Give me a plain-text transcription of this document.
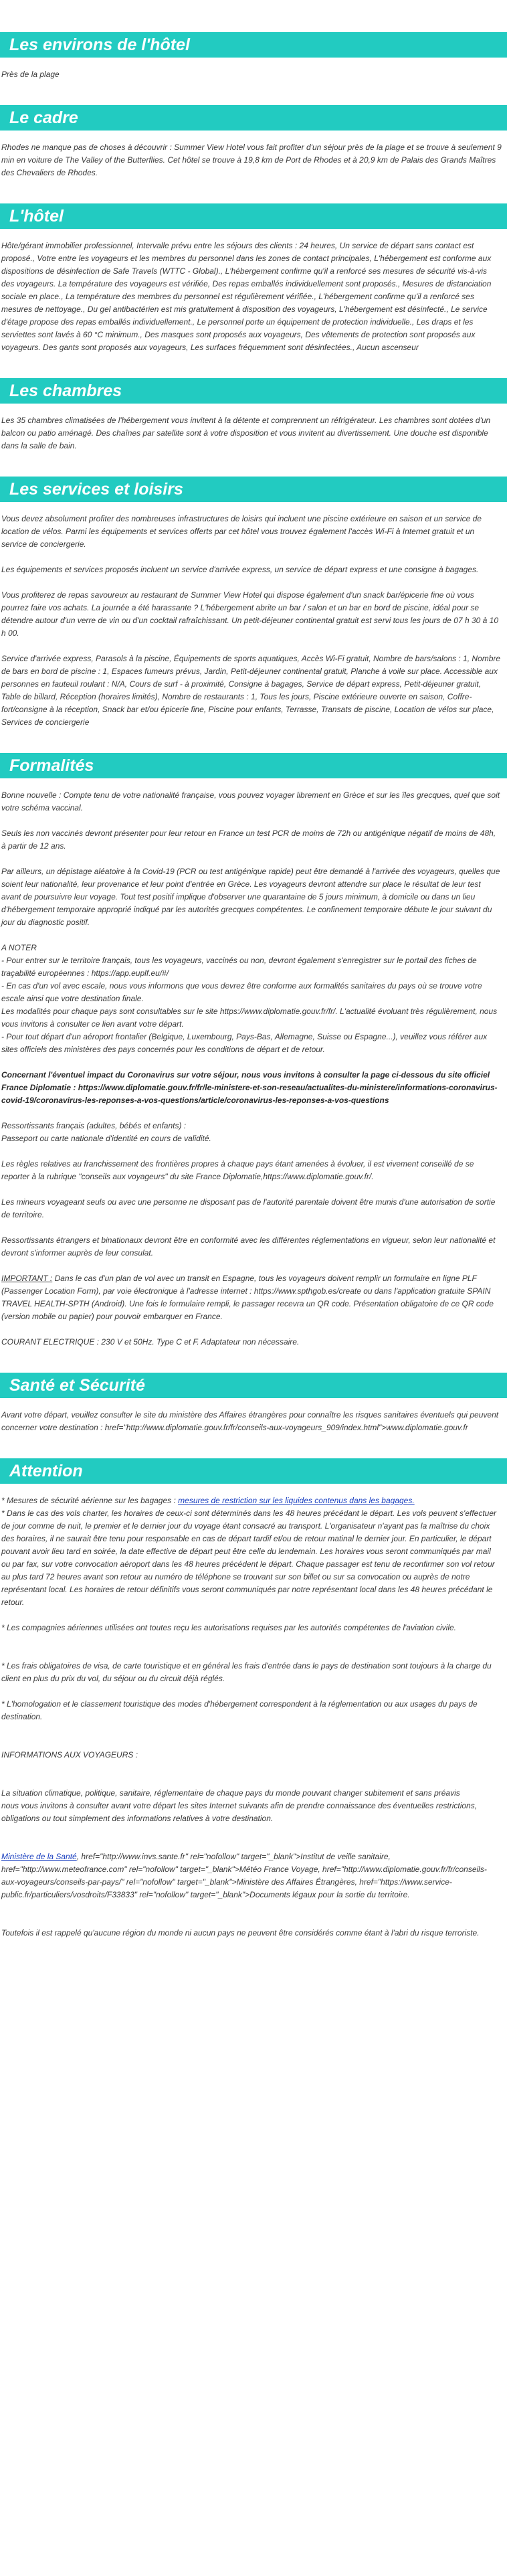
Les environs de l'hôtel

Près de la plage

Le cadre

Rhodes ne manque pas de choses à découvrir : Summer View Hotel vous fait profiter d'un séjour près de la plage et se trouve à seulement 9 min en voiture de The Valley of the Butterflies. Cet hôtel se trouve à 19,8 km de Port de Rhodes et à 20,9 km de Palais des Grands Maîtres des Chevaliers de Rhodes.

L'hôtel

Hôte/gérant immobilier professionnel, Intervalle prévu entre les séjours des clients : 24 heures, Un service de départ sans contact est proposé., Votre entre les voyageurs et les membres du personnel dans les zones de contact principales, L'hébergement est conforme aux dispositions de désinfection de Safe Travels (WTTC - Global)., L'hébergement confirme qu'il a renforcé ses mesures de sécurité vis-à-vis des voyageurs. La température des voyageurs est vérifiée, Des repas emballés individuellement sont proposés., Mesures de distanciation sociale en place., La température des membres du personnel est régulièrement vérifiée., L'hébergement confirme qu'il a renforcé ses mesures de nettoyage., Du gel antibactérien est mis gratuitement à disposition des voyageurs, L'hébergement est désinfecté., Le service d'étage propose des repas emballés individuellement., Le personnel porte un équipement de protection individuelle., Les draps et les serviettes sont lavés à 60 °C minimum., Des masques sont proposés aux voyageurs, Des vêtements de protection sont proposés aux voyageurs. Des gants sont proposés aux voyageurs, Les surfaces fréquemment sont désinfectées., Aucun ascenseur

Les chambres

Les 35 chambres climatisées de l'hébergement vous invitent à la détente et comprennent un réfrigérateur. Les chambres sont dotées d'un balcon ou patio aménagé. Des chaînes par satellite sont à votre disposition et vous invitent au divertissement. Une douche est disponible dans la salle de bain.

Les services et loisirs

Vous devez absolument profiter des nombreuses infrastructures de loisirs qui incluent une piscine extérieure en saison et un service de location de vélos. Parmi les équipements et services offerts par cet hôtel vous trouvez également l'accès Wi-Fi à Internet gratuit et un service de conciergerie.

Les équipements et services proposés incluent un service d'arrivée express, un service de départ express et une consigne à bagages.

Vous profiterez de repas savoureux au restaurant de Summer View Hotel qui dispose également d'un snack bar/épicerie fine où vous pourrez faire vos achats. La journée a été harassante ? L'hébergement abrite un bar / salon et un bar en bord de piscine, idéal pour se détendre autour d'un verre de vin ou d'un cocktail rafraîchissant. Un petit-déjeuner continental gratuit est servi tous les jours de 07 h 30 à 10 h 00.

Service d'arrivée express, Parasols à la piscine, Équipements de sports aquatiques, Accès Wi-Fi gratuit, Nombre de bars/salons : 1, Nombre de bars en bord de piscine : 1, Espaces fumeurs prévus, Jardin, Petit-déjeuner continental gratuit, Planche à voile sur place. Accessible aux personnes en fauteuil roulant : N/A, Cours de surf - à proximité, Consigne à bagages, Service de départ express, Petit-déjeuner gratuit, Table de billard, Réception (horaires limités), Nombre de restaurants : 1, Tous les jours, Piscine extérieure ouverte en saison, Coffre-fort/consigne à la réception, Snack bar et/ou épicerie fine, Piscine pour enfants, Terrasse, Transats de piscine, Location de vélos sur place, Services de conciergerie

Formalités

Bonne nouvelle : Compte tenu de votre nationalité française, vous pouvez voyager librement en Grèce et sur les îles grecques, quel que soit votre schéma vaccinal.

Seuls les non vaccinés devront présenter pour leur retour en France un test PCR de moins de 72h ou antigénique négatif de moins de 48h, à partir de 12 ans.

Par ailleurs, un dépistage aléatoire à la Covid-19 (PCR ou test antigénique rapide) peut être demandé à l'arrivée des voyageurs, quelles que soient leur nationalité, leur provenance et leur point d'entrée en Grèce. Les voyageurs devront attendre sur place le résultat de leur test avant de poursuivre leur voyage. Tout test positif implique d'observer une quarantaine de 5 jours minimum, à domicile ou dans un lieu d'hébergement temporaire approprié indiqué par les autorités grecques compétentes. Le confinement temporaire débute le jour suivant du jour du diagnostic positif.

A NOTER
- Pour entrer sur le territoire français, tous les voyageurs, vaccinés ou non, devront également s'enregistrer sur le portail des fiches de traçabilité européennes : https://app.euplf.eu/#/
- En cas d'un vol avec escale, nous vous informons que vous devrez être conforme aux formalités sanitaires du pays où se trouve votre escale ainsi que votre destination finale.
Les modalités pour chaque pays sont consultables sur le site https://www.diplomatie.gouv.fr/fr/. L'actualité évoluant très régulièrement, nous vous invitons à consulter ce lien avant votre départ.
- Pour tout départ d'un aéroport frontalier (Belgique, Luxembourg, Pays-Bas, Allemagne, Suisse ou Espagne...), veuillez vous référer aux sites officiels des ministères des pays concernés pour les conditions de départ et de retour.

Concernant l'éventuel impact du Coronavirus sur votre séjour, nous vous invitons à consulter la page ci-dessous du site officiel France Diplomatie : https://www.diplomatie.gouv.fr/fr/le-ministere-et-son-reseau/actualites-du-ministere/informations-coronavirus-covid-19/coronavirus-les-reponses-a-vos-questions/article/coronavirus-les-reponses-a-vos-questions

Ressortissants français (adultes, bébés et enfants) :
Passeport ou carte nationale d'identité en cours de validité.

Les règles relatives au franchissement des frontières propres à chaque pays étant amenées à évoluer, il est vivement conseillé de se reporter à la rubrique "conseils aux voyageurs" du site France Diplomatie,https://www.diplomatie.gouv.fr/.

Les mineurs voyageant seuls ou avec une personne ne disposant pas de l'autorité parentale doivent être munis d'une autorisation de sortie de territoire.

Ressortissants étrangers et binationaux devront être en conformité avec les différentes réglementations en vigueur, selon leur nationalité et devront s'informer auprès de leur consulat.

IMPORTANT : Dans le cas d'un plan de vol avec un transit en Espagne, tous les voyageurs doivent remplir un formulaire en ligne PLF (Passenger Location Form), par voie électronique à l'adresse internet : https://www.spthgob.es/create ou dans l'application gratuite SPAIN TRAVEL HEALTH-SPTH (Android). Une fois le formulaire rempli, le passager recevra un QR code. Présentation obligatoire de ce QR code (version mobile ou papier) pour pouvoir embarquer en France.

COURANT ELECTRIQUE : 230 V et 50Hz. Type C et F. Adaptateur non nécessaire.

Santé et Sécurité

Avant votre départ, veuillez consulter le site du ministère des Affaires étrangères pour connaître les risques sanitaires éventuels qui peuvent concerner votre destination : href="http://www.diplomatie.gouv.fr/fr/conseils-aux-voyageurs_909/index.html">www.diplomatie.gouv.fr

Attention

* Mesures de sécurité aérienne sur les bagages : mesures de restriction sur les liquides contenus dans les bagages.
* Dans le cas des vols charter, les horaires de ceux-ci sont déterminés dans les 48 heures précédant le départ. Les vols peuvent s'effectuer de jour comme de nuit, le premier et le dernier jour du voyage étant consacré au transport. L'organisateur n'ayant pas la maîtrise du choix des horaires, il ne saurait être tenu pour responsable en cas de départ tardif et/ou de retour matinal le dernier jour. En particulier, le départ pouvant avoir lieu tard en soirée, la date effective de départ peut être celle du lendemain. Les horaires vous seront communiqués par mail ou par fax, sur votre convocation aéroport dans les 48 heures précédent le départ. Chaque passager est tenu de reconfirmer son vol retour au plus tard 72 heures avant son retour au numéro de téléphone se trouvant sur son billet ou sur sa convocation ou auprès de notre représentant local. Les horaires de retour définitifs vous seront communiqués par notre représentant local dans les 48 heures précédant le retour.

* Les compagnies aériennes utilisées ont toutes reçu les autorisations requises par les autorités compétentes de l'aviation civile.

* Les frais obligatoires de visa, de carte touristique et en général les frais d'entrée dans le pays de destination sont toujours à la charge du client en plus du prix du vol, du séjour ou du circuit déjà réglés.

* L'homologation et le classement touristique des modes d'hébergement correspondent à la réglementation ou aux usages du pays de destination.

INFORMATIONS AUX VOYAGEURS :

La situation climatique, politique, sanitaire, réglementaire de chaque pays du monde pouvant changer subitement et sans préavis
nous vous invitons à consulter avant votre départ les sites Internet suivants afin de prendre connaissance des éventuelles restrictions, obligations ou tout simplement des informations relatives à votre destination.

Ministère de la Santé, href="http://www.invs.sante.fr" rel="nofollow" target="_blank">Institut de veille sanitaire, href="http://www.meteofrance.com" rel="nofollow" target="_blank">Météo France Voyage, href="http://www.diplomatie.gouv.fr/fr/conseils-aux-voyageurs/conseils-par-pays/" rel="nofollow" target="_blank">Ministère des Affaires Étrangères, href="https://www.service-public.fr/particuliers/vosdroits/F33833" rel="nofollow" target="_blank">Documents légaux pour la sortie du territoire.

Toutefois il est rappelé qu'aucune région du monde ni aucun pays ne peuvent être considérés comme étant à l'abri du risque terroriste.
